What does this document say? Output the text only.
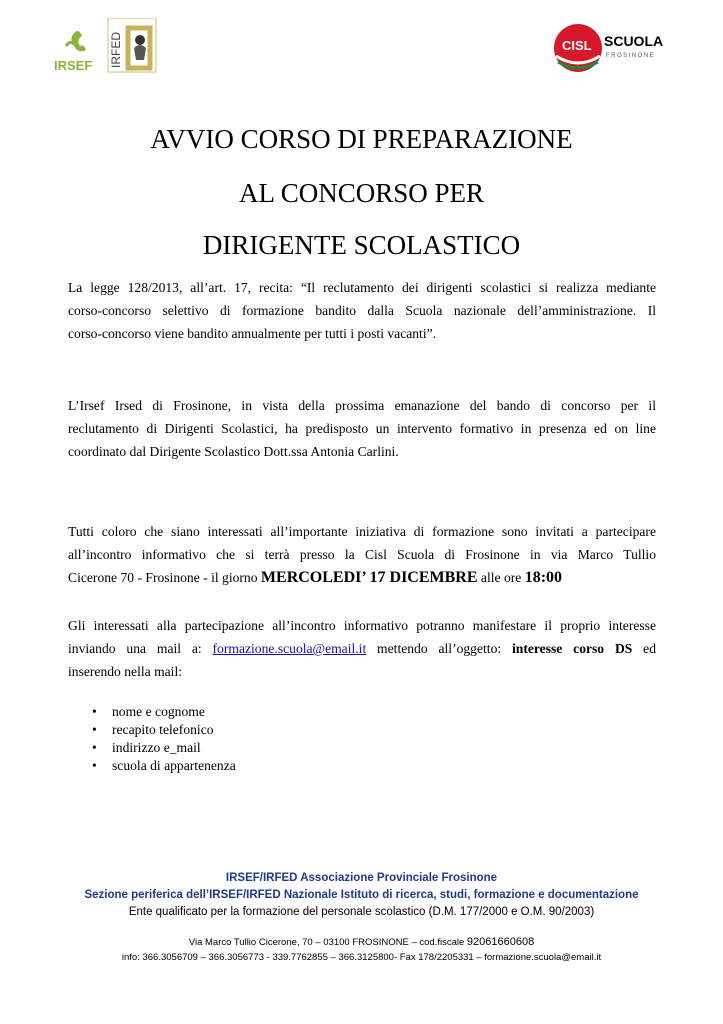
IRSEF IRFED	CISL SCUOLA
FROSINONE
AVVIO CORSO DI PREPARAZIONE
AL CONCORSO PER
DIRIGENTE SCOLASTICO
La legge 128/2013, all’art. 17, recita: “Il reclutamento dei dirigenti scolastici si realizza mediante
corso-concorso selettivo di formazione bandito dalla Scuola nazionale dell’amministrazione. Il
corso-concorso viene bandito annualmente per tutti i posti vacanti”.
L’Irsef Irsed di Frosinone, in vista della prossima emanazione del bando di concorso per il
reclutamento di Dirigenti Scolastici, ha predisposto un intervento formativo in presenza ed on line
coordinato dal Dirigente Scolastico Dott.ssa Antonia Carlini.
Tutti coloro che siano interessati all’importante iniziativa di formazione sono invitati a partecipare
all’incontro informativo che si terrà presso la Cisl Scuola di Frosinone in via Marco Tullio
Cicerone 70 - Frosinone - il giorno MERCOLEDI’ 17 DICEMBRE alle ore 18:00
Gli interessati alla partecipazione all’incontro informativo potranno manifestare il proprio interesse
inviando una mail a: formazione.scuola@email.it mettendo all’oggetto: interesse corso DS ed
inserendo nella mail:
• nome e cognome
• recapito telefonico
• indirizzo e_mail
• scuola di appartenenza
IRSEF/IRFED Associazione Provinciale Frosinone
Sezione periferica dell’IRSEF/IRFED Nazionale Istituto di ricerca, studi, formazione e documentazione
Ente qualificato per la formazione del personale scolastico (D.M. 177/2000 e O.M. 90/2003)
Via Marco Tullio Cicerone, 70 – 03100 FROSINONE – cod.fiscale 92061660608
info: 366.3056709 – 366.3056773 - 339.7762855 – 366.3125800- Fax 178/2205331 – formazione.scuola@email.it
